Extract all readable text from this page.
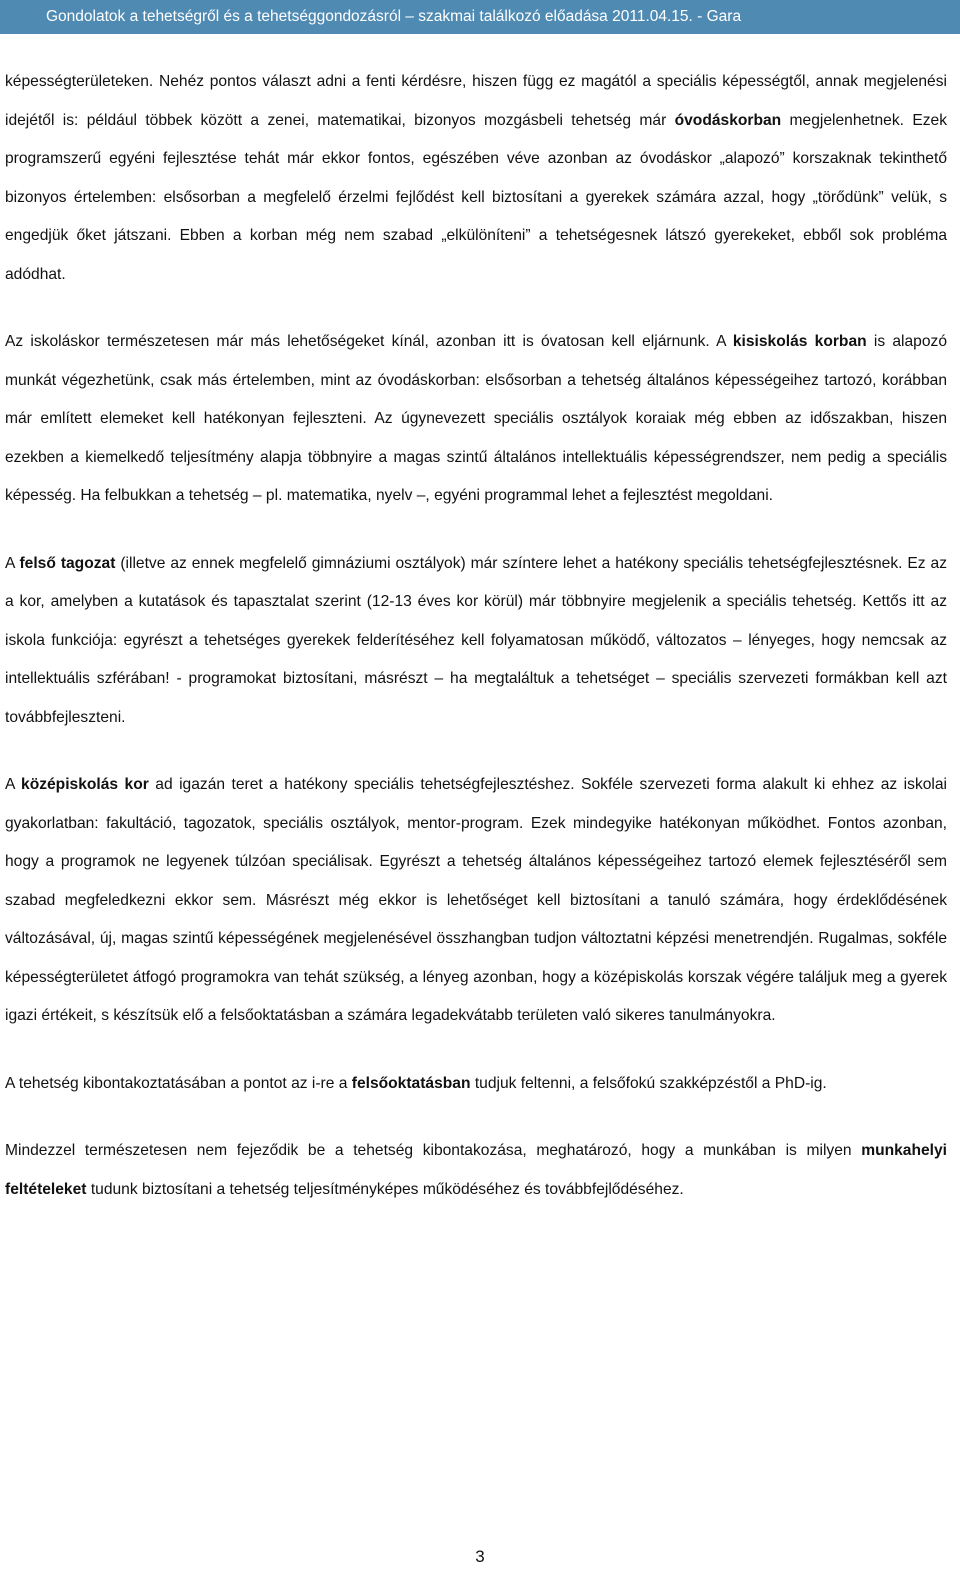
Gondolatok a tehetségről és a tehetséggondozásról – szakmai találkozó előadása 2011.04.15. - Gara

képességterületeken. Nehéz pontos választ adni a fenti kérdésre, hiszen függ ez magától a speciális képességtől, annak megjelenési idejétől is: például többek között a zenei, matematikai, bizonyos mozgásbeli tehetség már óvodáskorban megjelenhetnek. Ezek programszerű egyéni fejlesztése tehát már ekkor fontos, egészében véve azonban az óvodáskor „alapozó” korszaknak tekinthető bizonyos értelemben: elsősorban a megfelelő érzelmi fejlődést kell biztosítani a gyerekek számára azzal, hogy „törődünk” velük, s engedjük őket játszani. Ebben a korban még nem szabad „elkülöníteni” a tehetségesnek látszó gyerekeket, ebből sok probléma adódhat.

Az iskoláskor természetesen már más lehetőségeket kínál, azonban itt is óvatosan kell eljárnunk. A kisiskolás korban is alapozó munkát végezhetünk, csak más értelemben, mint az óvodáskorban: elsősorban a tehetség általános képességeihez tartozó, korábban már említett elemeket kell hatékonyan fejleszteni. Az úgynevezett speciális osztályok koraiak még ebben az időszakban, hiszen ezekben a kiemelkedő teljesítmény alapja többnyire a magas szintű általános intellektuális képességrendszer, nem pedig a speciális képesség. Ha felbukkan a tehetség – pl. matematika, nyelv –, egyéni programmal lehet a fejlesztést megoldani.

A felső tagozat (illetve az ennek megfelelő gimnáziumi osztályok) már színtere lehet a hatékony speciális tehetségfejlesztésnek. Ez az a kor, amelyben a kutatások és tapasztalat szerint (12-13 éves kor körül) már többnyire megjelenik a speciális tehetség. Kettős itt az iskola funkciója: egyrészt a tehetséges gyerekek felderítéséhez kell folyamatosan működő, változatos – lényeges, hogy nemcsak az intellektuális szférában! - programokat biztosítani, másrészt – ha megtaláltuk a tehetséget – speciális szervezeti formákban kell azt továbbfejleszteni.

A középiskolás kor ad igazán teret a hatékony speciális tehetségfejlesztéshez. Sokféle szervezeti forma alakult ki ehhez az iskolai gyakorlatban: fakultáció, tagozatok, speciális osztályok, mentor-program. Ezek mindegyike hatékonyan működhet. Fontos azonban, hogy a programok ne legyenek túlzóan speciálisak. Egyrészt a tehetség általános képességeihez tartozó elemek fejlesztéséről sem szabad megfeledkezni ekkor sem. Másrészt még ekkor is lehetőséget kell biztosítani a tanuló számára, hogy érdeklődésének változásával, új, magas szintű képességének megjelenésével összhangban tudjon változtatni képzési menetrendjén. Rugalmas, sokféle képességterületet átfogó programokra van tehát szükség, a lényeg azonban, hogy a középiskolás korszak végére találjuk meg a gyerek igazi értékeit, s készítsük elő a felsőoktatásban a számára legadekvátabb területen való sikeres tanulmányokra.

A tehetség kibontakoztatásában a pontot az i-re a felsőoktatásban tudjuk feltenni, a felsőfokú szakképzéstől a PhD-ig.

Mindezzel természetesen nem fejeződik be a tehetség kibontakozása, meghatározó, hogy a munkában is milyen munkahelyi feltételeket tudunk biztosítani a tehetség teljesítményképes működéséhez és továbbfejlődéséhez.

3
